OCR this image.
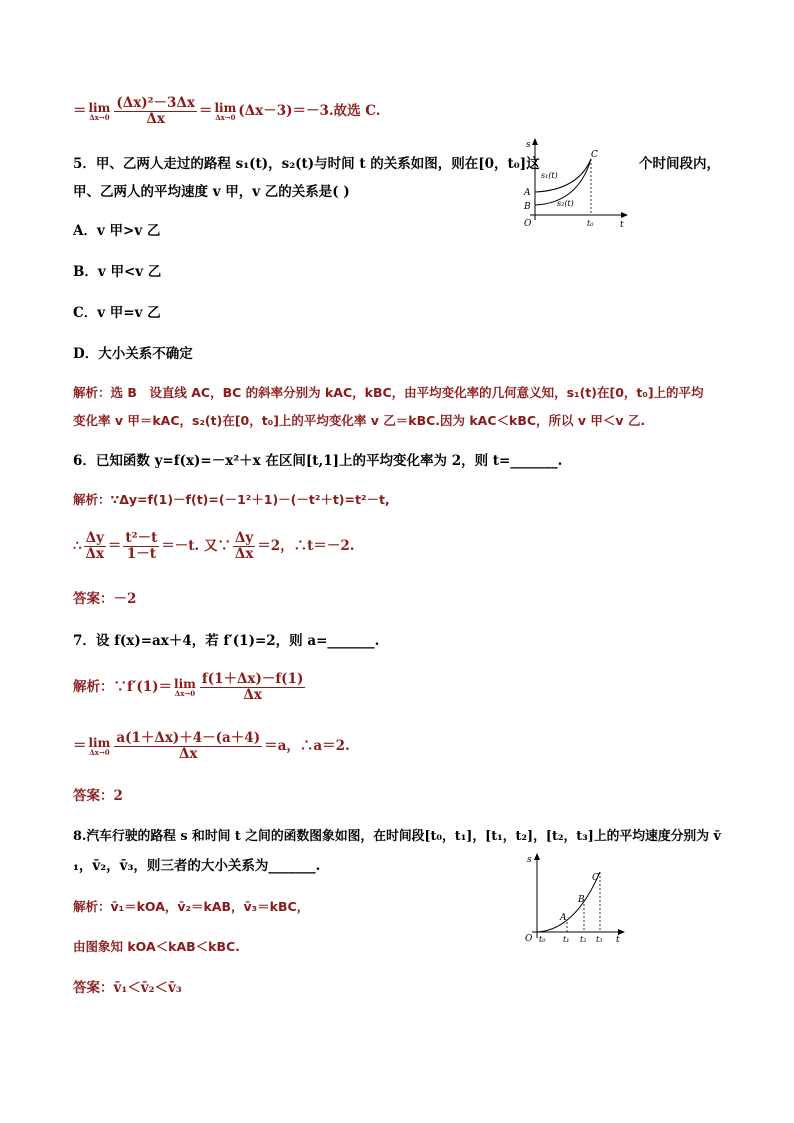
＝ lim
$\Delta x\to 0 \frac{\text{(Δx)²－3Δx}}{\Delta x} = \lim$
Δx→0 (Δx－3)＝－3.故选 C.
5．甲、乙两人走过的路程 s₁(t)，s₂(t)与时间 t 的关系如图，则在[0，t₀]这	个时间段内，
甲、乙两人的平均速度 v 甲，v 乙的关系是( )
A．v 甲>v 乙
B．v 甲<v 乙
C．v 甲=v 乙
D．大小关系不确定
解析：选 B　设直线 AC，BC 的斜率分别为 kAC，kBC，由平均变化率的几何意义知，s₁(t)在[0，t₀]上的平均
变化率 v 甲＝kAC，s₂(t)在[0，t₀]上的平均变化率 v 乙＝kBC.因为 kAC＜kBC，所以 v 甲＜v 乙.
s
t
O
A
B
C
s₁(t)
s₂(t)
t₀
6．已知函数 y=f(x)=－x²＋x 在区间[t,1]上的平均变化率为 2，则 t=_______.
解析：∵Δy=f(1)－f(t)=(－1²＋1)－(－t²＋t)=t²－t,
∴ $\frac{\Delta y}{\Delta x} = \frac{\text{t²－t}}{1-t} =-t$. 又∵ $\frac{\Delta y}{\Delta x} =2$，∴t＝－2.
答案：－2
7．设 f(x)=ax＋4，若 f′(1)=2，则 a=_______.
解析：∵f′(1)＝ lim
$\Delta x\to 0 \frac{f(1+\Delta x)-f(1)}{\Delta x}$
＝ lim
$\Delta x\to 0 \frac{a(1+\Delta x)+4-(a+4)}{\Delta x} =a$，∴a＝2.
答案：2
8.汽车行驶的路程 s 和时间 t 之间的函数图象如图，在时间段[t₀，t₁]，[t₁，t₂]，[t₂，t₃]上的平均速度分别为 v̄
₁，v̄₂，v̄₃，则三者的大小关系为_______.
解析：v̄₁＝kOA，v̄₂＝kAB，v̄₃＝kBC，
由图象知 kOA＜kAB＜kBC.
答案：v̄₁＜v̄₂＜v̄₃
s
t
O
A
B
C
t₀ t₁ t₂ t₃
